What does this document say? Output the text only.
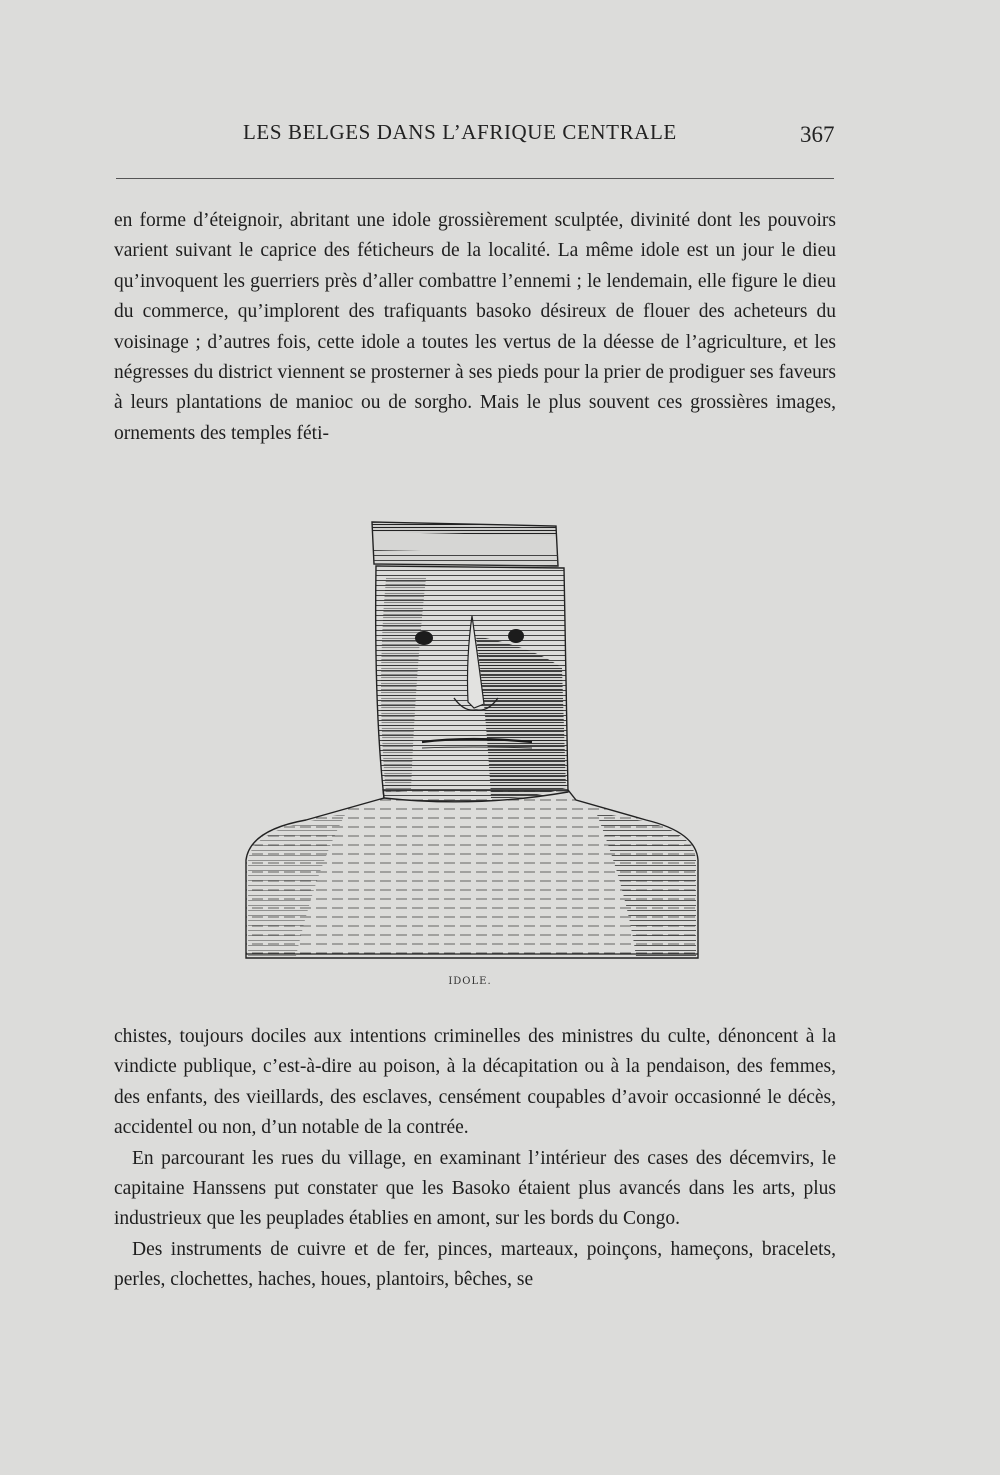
LES BELGES DANS L’AFRIQUE CENTRALE	367

en forme d’éteignoir, abritant une idole grossièrement sculptée, divinité dont les pouvoirs varient suivant le caprice des féticheurs de la localité. La même idole est un jour le dieu qu’invoquent les guerriers près d’aller combattre l’ennemi ; le lendemain, elle figure le dieu du commerce, qu’implorent des trafiquants basoko désireux de flouer des acheteurs du voisinage ; d’autres fois, cette idole a toutes les vertus de la déesse de l’agriculture, et les négresses du district viennent se prosterner à ses pieds pour la prier de prodiguer ses faveurs à leurs plantations de manioc ou de sorgho. Mais le plus souvent ces grossières images, ornements des temples féti-

IDOLE.

chistes, toujours dociles aux intentions criminelles des ministres du culte, dénoncent à la vindicte publique, c’est-à-dire au poison, à la décapitation ou à la pendaison, des femmes, des enfants, des vieillards, des esclaves, censément coupables d’avoir occasionné le décès, accidentel ou non, d’un notable de la contrée.

En parcourant les rues du village, en examinant l’intérieur des cases des décemvirs, le capitaine Hanssens put constater que les Basoko étaient plus avancés dans les arts, plus industrieux que les peuplades établies en amont, sur les bords du Congo.

Des instruments de cuivre et de fer, pinces, marteaux, poinçons, hameçons, bracelets, perles, clochettes, haches, houes, plantoirs, bêches, se
